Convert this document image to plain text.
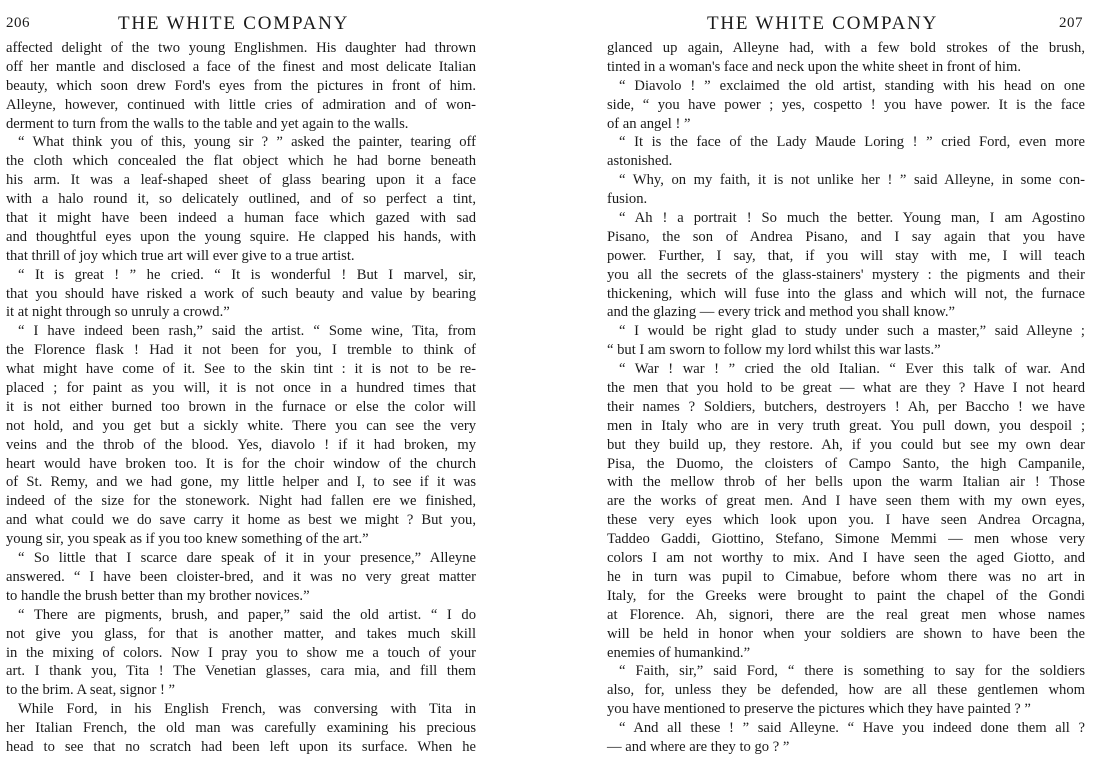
206	THE WHITE COMPANY
affected delight of the two young Englishmen. His daughter had thrown
off her mantle and disclosed a face of the finest and most delicate Italian
beauty, which soon drew Ford's eyes from the pictures in front of him.
Alleyne, however, continued with little cries of admiration and of won-
derment to turn from the walls to the table and yet again to the walls.
“ What think you of this, young sir ? ” asked the painter, tearing off
the cloth which concealed the flat object which he had borne beneath
his arm. It was a leaf-shaped sheet of glass bearing upon it a face
with a halo round it, so delicately outlined, and of so perfect a tint,
that it might have been indeed a human face which gazed with sad
and thoughtful eyes upon the young squire. He clapped his hands, with
that thrill of joy which true art will ever give to a true artist.
“ It is great ! ” he cried. “ It is wonderful ! But I marvel, sir,
that you should have risked a work of such beauty and value by bearing
it at night through so unruly a crowd.”
“ I have indeed been rash,” said the artist. “ Some wine, Tita, from
the Florence flask ! Had it not been for you, I tremble to think of
what might have come of it. See to the skin tint : it is not to be re-
placed ; for paint as you will, it is not once in a hundred times that
it is not either burned too brown in the furnace or else the color will
not hold, and you get but a sickly white. There you can see the very
veins and the throb of the blood. Yes, diavolo ! if it had broken, my
heart would have broken too. It is for the choir window of the church
of St. Remy, and we had gone, my little helper and I, to see if it was
indeed of the size for the stonework. Night had fallen ere we finished,
and what could we do save carry it home as best we might ? But you,
young sir, you speak as if you too knew something of the art.”
“ So little that I scarce dare speak of it in your presence,” Alleyne
answered. “ I have been cloister-bred, and it was no very great matter
to handle the brush better than my brother novices.”
“ There are pigments, brush, and paper,” said the old artist. “ I do
not give you glass, for that is another matter, and takes much skill
in the mixing of colors. Now I pray you to show me a touch of your
art. I thank you, Tita ! The Venetian glasses, cara mia, and fill them
to the brim. A seat, signor ! ”
While Ford, in his English French, was conversing with Tita in
her Italian French, the old man was carefully examining his precious
head to see that no scratch had been left upon its surface. When he
THE WHITE COMPANY	207
glanced up again, Alleyne had, with a few bold strokes of the brush,
tinted in a woman's face and neck upon the white sheet in front of him.
“ Diavolo ! ” exclaimed the old artist, standing with his head on one
side, “ you have power ; yes, cospetto ! you have power. It is the face
of an angel ! ”
“ It is the face of the Lady Maude Loring ! ” cried Ford, even more
astonished.
“ Why, on my faith, it is not unlike her ! ” said Alleyne, in some con-
fusion.
“ Ah ! a portrait ! So much the better. Young man, I am Agostino
Pisano, the son of Andrea Pisano, and I say again that you have
power. Further, I say, that, if you will stay with me, I will teach
you all the secrets of the glass-stainers' mystery : the pigments and their
thickening, which will fuse into the glass and which will not, the furnace
and the glazing — every trick and method you shall know.”
“ I would be right glad to study under such a master,” said Alleyne ;
“ but I am sworn to follow my lord whilst this war lasts.”
“ War ! war ! ” cried the old Italian. “ Ever this talk of war. And
the men that you hold to be great — what are they ? Have I not heard
their names ? Soldiers, butchers, destroyers ! Ah, per Baccho ! we have
men in Italy who are in very truth great. You pull down, you despoil ;
but they build up, they restore. Ah, if you could but see my own dear
Pisa, the Duomo, the cloisters of Campo Santo, the high Campanile,
with the mellow throb of her bells upon the warm Italian air ! Those
are the works of great men. And I have seen them with my own eyes,
these very eyes which look upon you. I have seen Andrea Orcagna,
Taddeo Gaddi, Giottino, Stefano, Simone Memmi — men whose very
colors I am not worthy to mix. And I have seen the aged Giotto, and
he in turn was pupil to Cimabue, before whom there was no art in
Italy, for the Greeks were brought to paint the chapel of the Gondi
at Florence. Ah, signori, there are the real great men whose names
will be held in honor when your soldiers are shown to have been the
enemies of humankind.”
“ Faith, sir,” said Ford, “ there is something to say for the soldiers
also, for, unless they be defended, how are all these gentlemen whom
you have mentioned to preserve the pictures which they have painted ? ”
“ And all these ! ” said Alleyne. “ Have you indeed done them all ?
— and where are they to go ? ”
